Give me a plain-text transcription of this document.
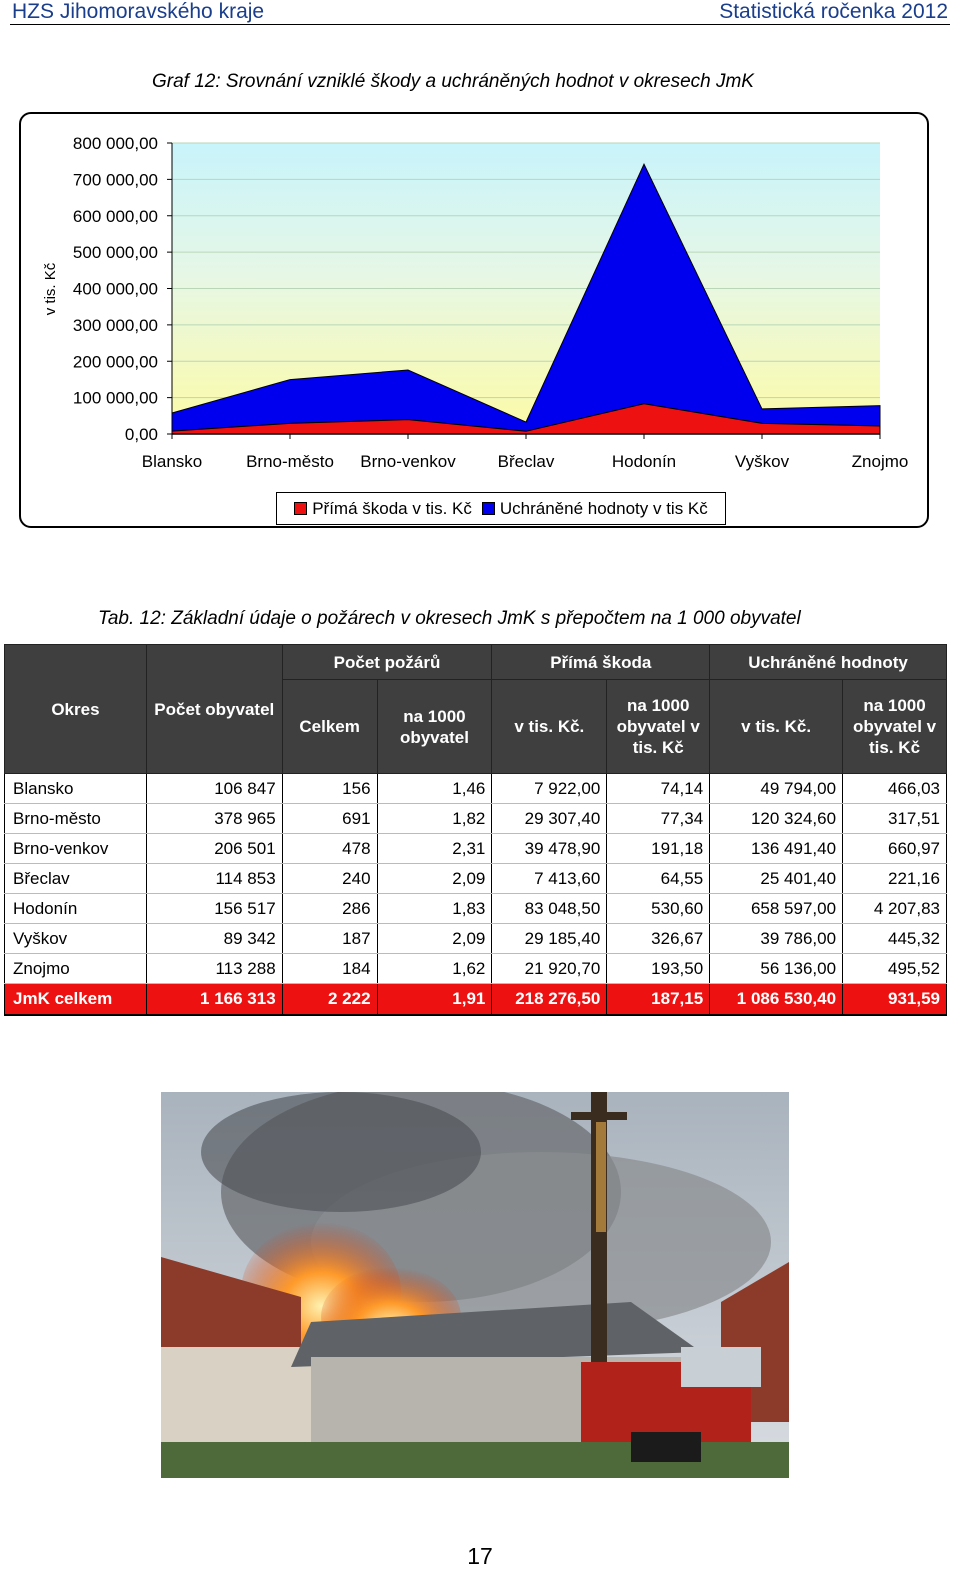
HZS Jihomoravského kraje	Statistická ročenka 2012
Graf 12: Srovnání vzniklé škody a uchráněných hodnot v okresech JmK
0,00
100 000,00
200 000,00
300 000,00
400 000,00
500 000,00
600 000,00
700 000,00
800 000,00
Blansko	Brno-město Brno-venkov Břeclav	Hodonín	Vyškov	Znojmo
v tis. Kč
Přímá škoda v tis. Kč Uchráněné hodnoty v tis Kč
Tab. 12: Základní údaje o požárech v okresech JmK s přepočtem na 1 000 obyvatel
Okres	Počet obyvatel	Počet požárů		Přímá škoda		Uchráněné hodnoty	
		Celkem	na 1000 obyvatel	v tis. Kč.	na 1000 obyvatel v tis. Kč	v tis. Kč.	na 1000 obyvatel v tis. Kč
Blansko	106 847	156	1,46	7 922,00	74,14	49 794,00	466,03
Brno-město	378 965	691	1,82	29 307,40	77,34	120 324,60	317,51
Brno-venkov	206 501	478	2,31	39 478,90	191,18	136 491,40	660,97
Břeclav	114 853	240	2,09	7 413,60	64,55	25 401,40	221,16
Hodonín	156 517	286	1,83	83 048,50	530,60	658 597,00	4 207,83
Vyškov	89 342	187	2,09	29 185,40	326,67	39 786,00	445,32
Znojmo	113 288	184	1,62	21 920,70	193,50	56 136,00	495,52
JmK celkem	1 166 313	2 222	1,91	218 276,50	187,15	1 086 530,40	931,59
17
